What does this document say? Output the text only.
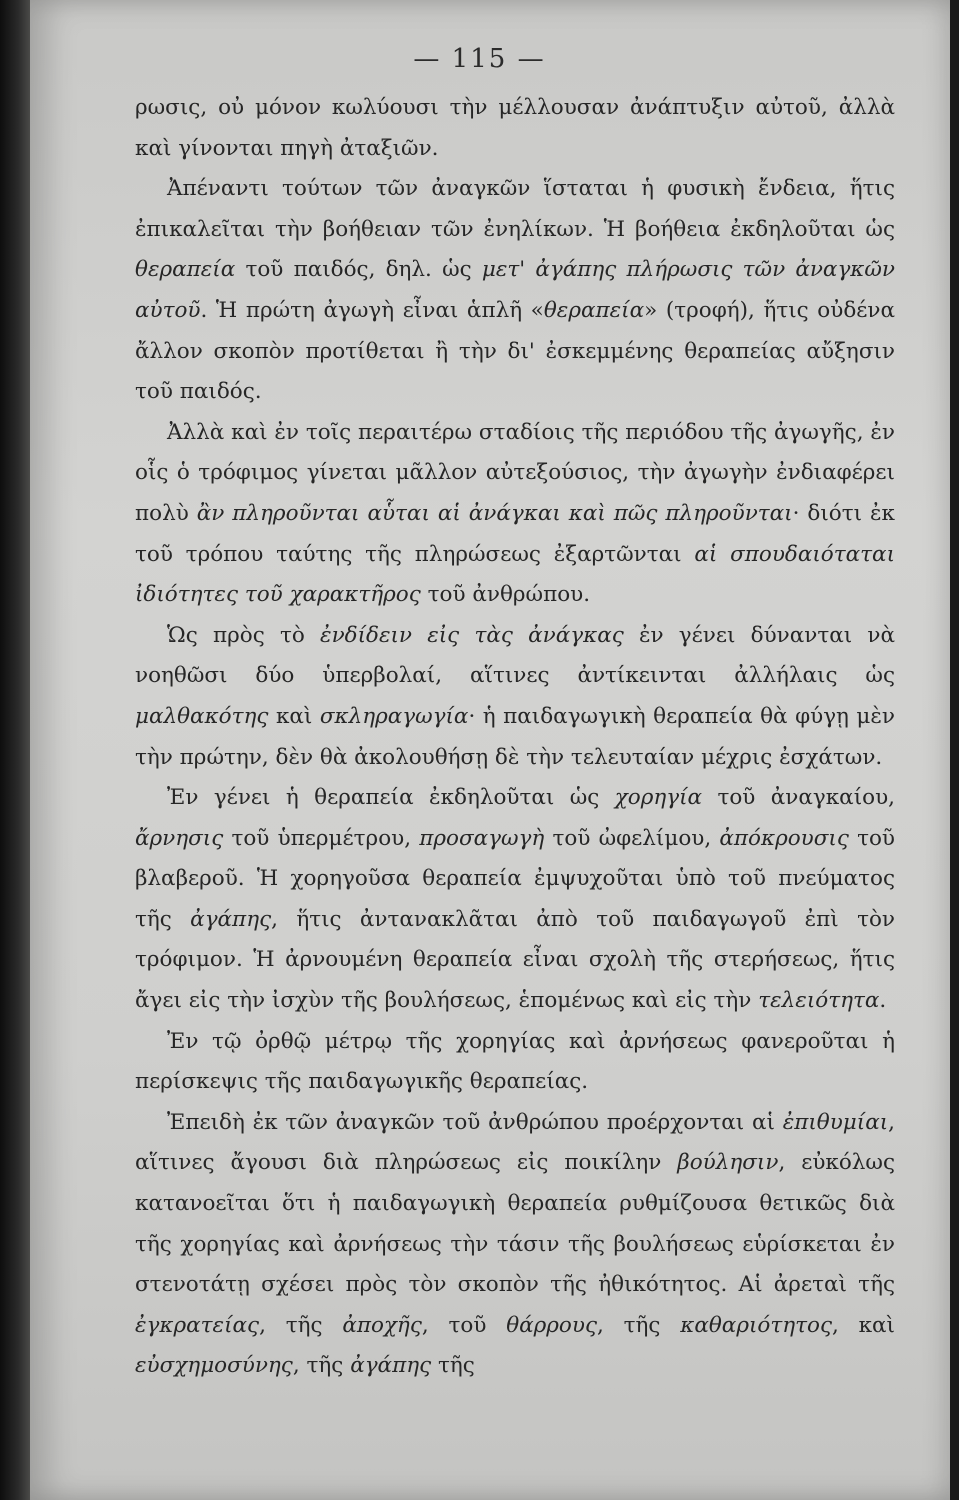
— 115 —

ρωσις, οὐ μόνον κωλύουσι τὴν μέλλουσαν ἀνάπτυξιν αὐτοῦ, ἀλλὰ καὶ γίνονται πηγὴ ἀταξιῶν.

Ἀπέναντι τούτων τῶν ἀναγκῶν ἵσταται ἡ φυσικὴ ἔνδεια, ἥτις ἐπικαλεῖται τὴν βοήθειαν τῶν ἐνηλίκων. Ἡ βοήθεια ἐκδηλοῦται ὡς θεραπεία τοῦ παιδός, δηλ. ὡς μετ' ἀγάπης πλήρωσις τῶν ἀναγκῶν αὐτοῦ. Ἡ πρώτη ἀγωγὴ εἶναι ἁπλῆ «θεραπεία» (τροφή), ἥτις οὐδένα ἄλλον σκοπὸν προτίθεται ἢ τὴν δι' ἐσκεμμένης θεραπείας αὔξησιν τοῦ παιδός.

Ἀλλὰ καὶ ἐν τοῖς περαιτέρω σταδίοις τῆς περιόδου τῆς ἀγωγῆς, ἐν οἷς ὁ τρόφιμος γίνεται μᾶλλον αὐτεξούσιος, τὴν ἀγωγὴν ἐνδιαφέρει πολὺ ἂν πληροῦνται αὗται αἱ ἀνάγκαι καὶ πῶς πληροῦνται· διότι ἐκ τοῦ τρόπου ταύτης τῆς πληρώσεως ἐξαρτῶνται αἱ σπουδαιόταται ἰδιότητες τοῦ χαρακτῆρος τοῦ ἀνθρώπου.

Ὡς πρὸς τὸ ἐνδίδειν εἰς τὰς ἀνάγκας ἐν γένει δύνανται νὰ νοηθῶσι δύο ὑπερβολαί, αἵτινες ἀντίκεινται ἀλλήλαις ὡς μαλθακότης καὶ σκληραγωγία· ἡ παιδαγωγικὴ θεραπεία θὰ φύγῃ μὲν τὴν πρώτην, δὲν θὰ ἀκολουθήσῃ δὲ τὴν τελευταίαν μέχρις ἐσχάτων.

Ἐν γένει ἡ θεραπεία ἐκδηλοῦται ὡς χορηγία τοῦ ἀναγκαίου, ἄρνησις τοῦ ὑπερμέτρου, προσαγωγὴ τοῦ ὠφελίμου, ἀπόκρουσις τοῦ βλαβεροῦ. Ἡ χορηγοῦσα θεραπεία ἐμψυχοῦται ὑπὸ τοῦ πνεύματος τῆς ἀγάπης, ἥτις ἀντανακλᾶται ἀπὸ τοῦ παιδαγωγοῦ ἐπὶ τὸν τρόφιμον. Ἡ ἀρνουμένη θεραπεία εἶναι σχολὴ τῆς στερήσεως, ἥτις ἄγει εἰς τὴν ἰσχὺν τῆς βουλήσεως, ἑπομένως καὶ εἰς τὴν τελειότητα.

Ἐν τῷ ὀρθῷ μέτρῳ τῆς χορηγίας καὶ ἀρνήσεως φανεροῦται ἡ περίσκεψις τῆς παιδαγωγικῆς θεραπείας.

Ἐπειδὴ ἐκ τῶν ἀναγκῶν τοῦ ἀνθρώπου προέρχονται αἱ ἐπιθυμίαι, αἵτινες ἄγουσι διὰ πληρώσεως εἰς ποικίλην βούλησιν, εὐκόλως κατανοεῖται ὅτι ἡ παιδαγωγικὴ θεραπεία ρυθμίζουσα θετικῶς διὰ τῆς χορηγίας καὶ ἀρνήσεως τὴν τάσιν τῆς βουλήσεως εὑρίσκεται ἐν στενοτάτῃ σχέσει πρὸς τὸν σκοπὸν τῆς ἠθικότητος. Αἱ ἀρεταὶ τῆς ἐγκρατείας, τῆς ἀποχῆς, τοῦ θάρρους, τῆς καθαριότητος, καὶ εὐσχημοσύνης, τῆς ἀγάπης τῆς
